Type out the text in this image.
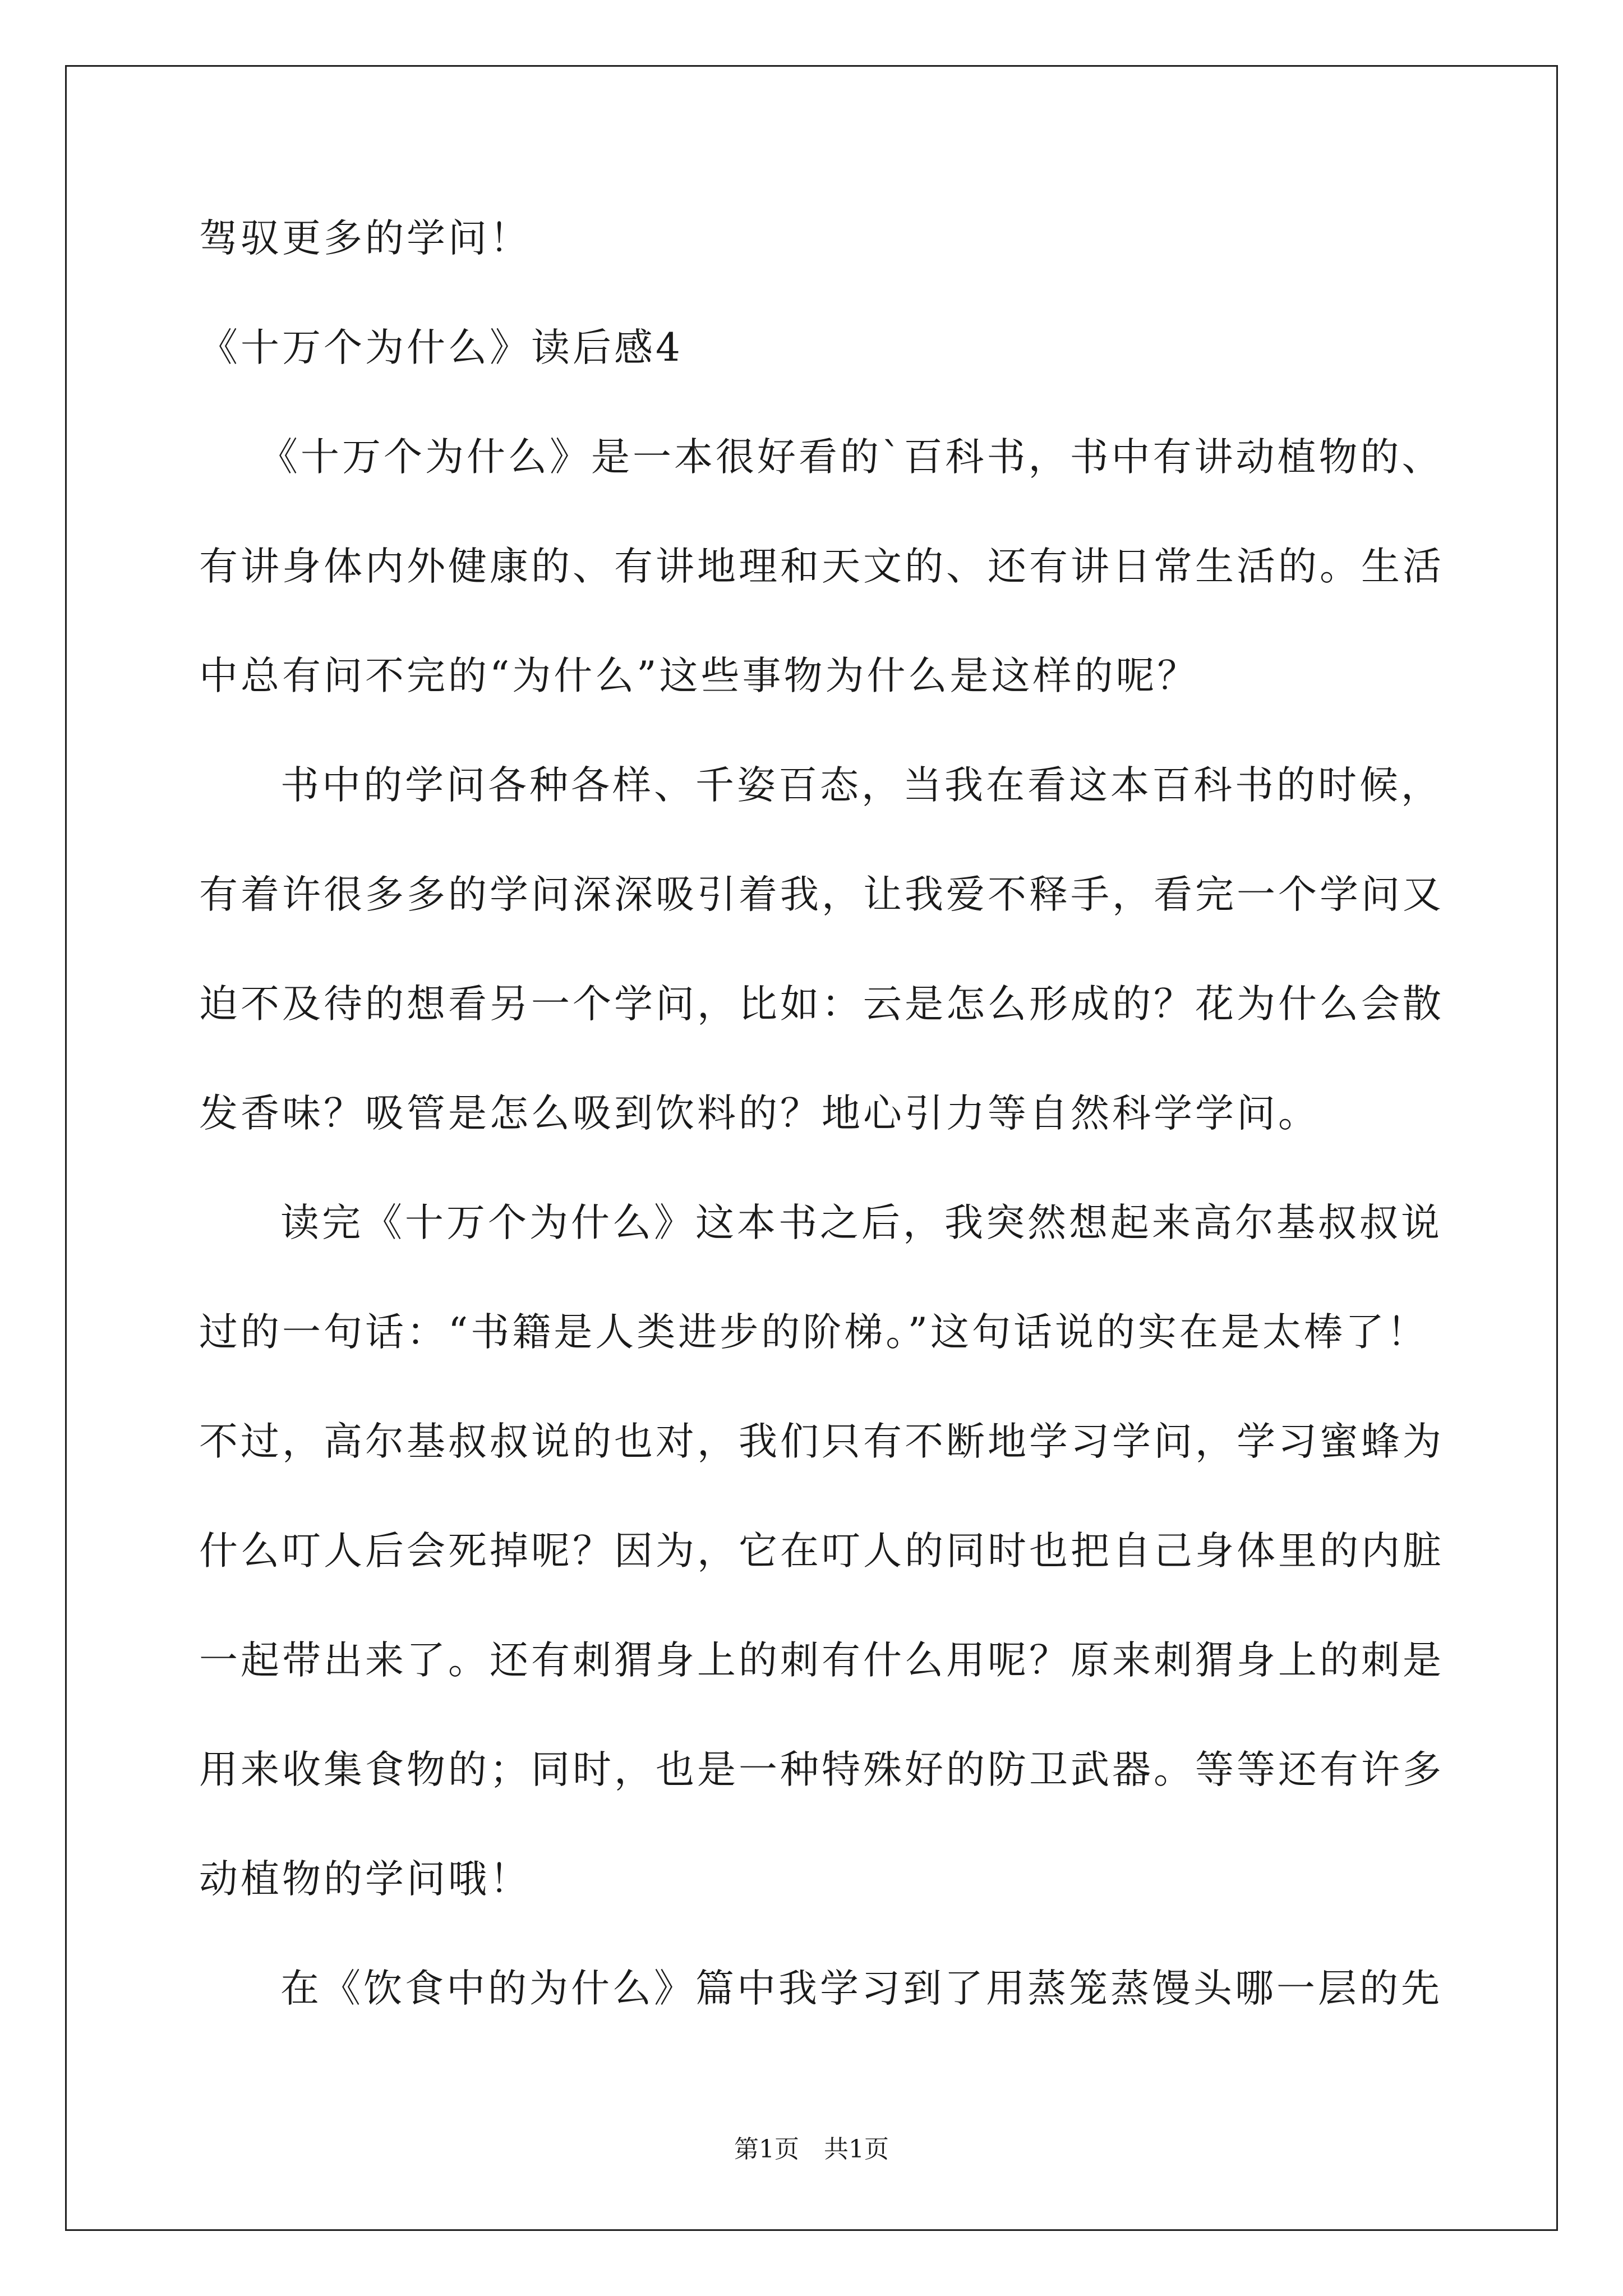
驾驭更多的学问！

《十万个为什么》读后感4

《十万个为什么》是一本很好看的`百科书，书中有讲动植物的、

有讲身体内外健康的、有讲地理和天文的、还有讲日常生活的。生活

中总有问不完的“为什么”这些事物为什么是这样的呢？

书中的学问各种各样、千姿百态，当我在看这本百科书的时候，

有着许很多多的学问深深吸引着我，让我爱不释手，看完一个学问又

迫不及待的想看另一个学问，比如：云是怎么形成的？花为什么会散

发香味？吸管是怎么吸到饮料的？地心引力等自然科学学问。

读完《十万个为什么》这本书之后，我突然想起来高尔基叔叔说

过的一句话：“书籍是人类进步的阶梯。”这句话说的实在是太棒了！

不过，高尔基叔叔说的也对，我们只有不断地学习学问，学习蜜蜂为

什么叮人后会死掉呢？因为，它在叮人的同时也把自己身体里的内脏

一起带出来了。还有刺猬身上的刺有什么用呢？原来刺猬身上的刺是

用来收集食物的；同时，也是一种特殊好的防卫武器。等等还有许多

动植物的学问哦！

在《饮食中的为什么》篇中我学习到了用蒸笼蒸馒头哪一层的先

第1页　共1页
